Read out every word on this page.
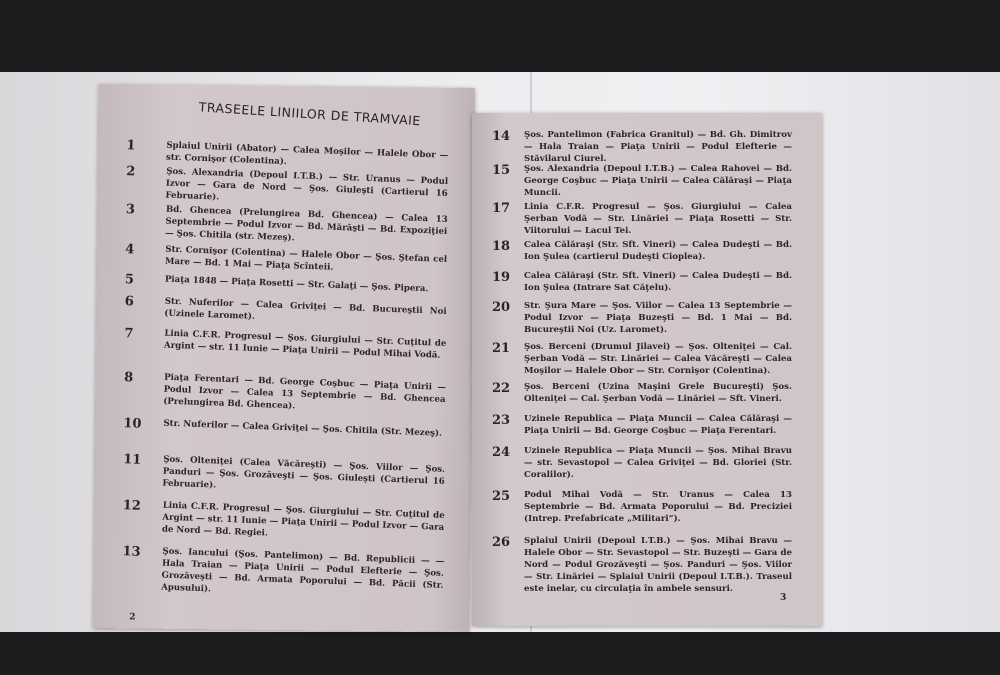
TRASEELE LINIILOR DE TRAMVAIE
1	Splaiul Unirii (Abator) — Calea Moşilor — Halele Obor — str. Cornişor (Colentina).
2	Şos. Alexandria (Depoul I.T.B.) — Str. Uranus — Podul Izvor — Gara de Nord — Şos. Giuleşti (Cartierul 16 Februarie).
3	Bd. Ghencea (Prelungirea Bd. Ghencea) — Calea 13 Septembrie — Podul Izvor — Bd. Mărăşti — Bd. Expoziţiei — Şos. Chitila (str. Mezeş).
4	Str. Cornişor (Colentina) — Halele Obor — Şos. Ştefan cel Mare — Bd. 1 Mai — Piaţa Scînteii.
5	Piaţa 1848 — Piaţa Rosetti — Str. Galaţi — Şos. Pipera.
6	Str. Nuferilor — Calea Griviţei — Bd. Bucureştii Noi (Uzinele Laromet).
7	Linia C.F.R. Progresul — Şos. Giurgiului — Str. Cuţitul de Argint — str. 11 Iunie — Piaţa Unirii — Podul Mihai Vodă.
8	Piaţa Ferentari — Bd. George Coşbuc — Piaţa Unirii — Podul Izvor — Calea 13 Septembrie — Bd. Ghencea (Prelungirea Bd. Ghencea).
10	Str. Nuferilor — Calea Griviţei — Şos. Chitila (Str. Mezeş).
11	Şos. Olteniţei (Calea Văcăreşti) — Şos. Viilor — Şos. Panduri — Şos. Grozăveşti — Şos. Giuleşti (Cartierul 16 Februarie).
12	Linia C.F.R. Progresul — Şos. Giurgiului — Str. Cuţitul de Argint — str. 11 Iunie — Piaţa Unirii — Podul Izvor — Gara de Nord — Bd. Regiei.
13	Şos. Iancului (Şos. Pantelimon) — Bd. Republicii — — Hala Traian — Piaţa Unirii — Podul Elefterie — Şos. Grozăveşti — Bd. Armata Poporului — Bd. Păcii (Str. Apusului).
2
14	Şos. Pantelimon (Fabrica Granitul) — Bd. Gh. Dimitrov — Hala Traian — Piaţa Unirii — Podul Elefterie — Stăvilarul Ciurel.
15	Şos. Alexandria (Depoul I.T.B.) — Calea Rahovei — Bd. George Coşbuc — Piaţa Unirii — Calea Călăraşi — Piaţa Muncii.
17	Linia C.F.R. Progresul — Şos. Giurgiului — Calea Şerban Vodă — Str. Linăriei — Piaţa Rosetti — Str. Viitorului — Lacul Tei.
18	Calea Călăraşi (Str. Sft. Vineri) — Calea Dudeşti — Bd. Ion Şulea (cartierul Dudeşti Cioplea).
19	Calea Călăraşi (Str. Sft. Vineri) — Calea Dudeşti — Bd. Ion Şulea (Intrare Sat Căţelu).
20	Str. Şura Mare — Şos. Viilor — Calea 13 Septembrie — Podul Izvor — Piaţa Buzeşti — Bd. 1 Mai — Bd. Bucureştii Noi (Uz. Laromet).
21	Şos. Berceni (Drumul Jilavei) — Şos. Olteniţei — Cal. Şerban Vodă — Str. Linăriei — Calea Văcăreşti — Calea Moşilor — Halele Obor — Str. Cornişor (Colentina).
22	Şos. Berceni (Uzina Maşini Grele Bucureşti) Şos. Olteniţei — Cal. Şerban Vodă — Linăriei — Sft. Vineri.
23	Uzinele Republica — Piaţa Muncii — Calea Călăraşi — Piaţa Unirii — Bd. George Coşbuc — Piaţa Ferentari.
24	Uzinele Republica — Piaţa Muncii — Şos. Mihai Bravu — str. Sevastopol — Calea Griviţei — Bd. Gloriei (Str. Coralilor).
25	Podul Mihai Vodă — Str. Uranus — Calea 13 Septembrie — Bd. Armata Poporului — Bd. Preciziei (Intrep. Prefabricate „Militari”).
26	Splaiul Unirii (Depoul I.T.B.) — Şos. Mihai Bravu — Halele Obor — Str. Sevastopol — Str. Buzeşti — Gara de Nord — Podul Grozăveşti — Şos. Panduri — Şos. Viilor — Str. Linăriei — Splaiul Unirii (Depoul I.T.B.). Traseul este inelar, cu circulaţia în ambele sensuri.
3
